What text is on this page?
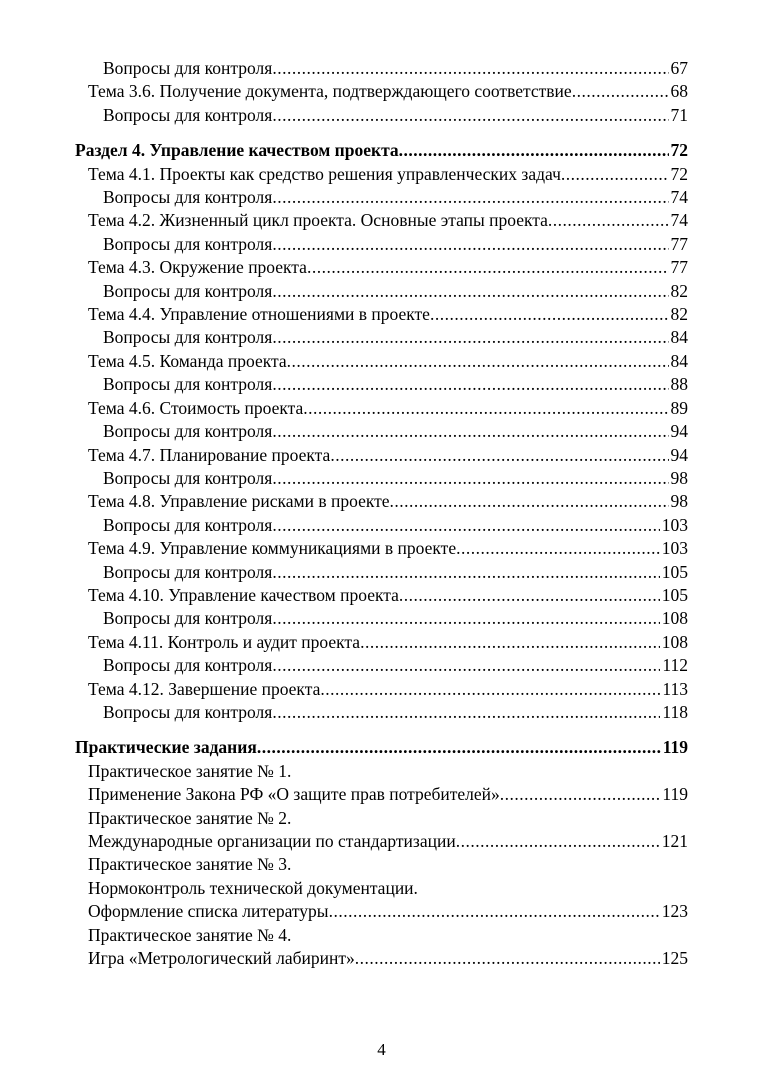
Вопросы для контроля .....	67
Тема 3.6. Получение документа, подтверждающего соответствие .....	68
Вопросы для контроля .....	71
Раздел 4. Управление качеством проекта .....	72
Тема 4.1. Проекты как средство решения управленческих задач .....	72
Вопросы для контроля .....	74
Тема 4.2. Жизненный цикл проекта. Основные этапы проекта .....	74
Вопросы для контроля .....	77
Тема 4.3. Окружение проекта .....	77
Вопросы для контроля .....	82
Тема 4.4. Управление отношениями в проекте .....	82
Вопросы для контроля .....	84
Тема 4.5. Команда проекта .....	84
Вопросы для контроля .....	88
Тема 4.6. Стоимость проекта .....	89
Вопросы для контроля .....	94
Тема 4.7. Планирование проекта .....	94
Вопросы для контроля .....	98
Тема 4.8. Управление рисками в проекте .....	98
Вопросы для контроля .....	103
Тема 4.9. Управление коммуникациями в проекте .....	103
Вопросы для контроля .....	105
Тема 4.10. Управление качеством проекта .....	105
Вопросы для контроля .....	108
Тема 4.11. Контроль и аудит проекта .....	108
Вопросы для контроля .....	112
Тема 4.12. Завершение проекта .....	113
Вопросы для контроля .....	118
Практические задания .....	119
Практическое занятие № 1.
Применение Закона РФ «О защите прав потребителей» .....	119
Практическое занятие № 2.
Международные организации по стандартизации .....	121
Практическое занятие № 3.
Нормоконтроль технической документации.
Оформление списка литературы .....	123
Практическое занятие № 4.
Игра «Метрологический лабиринт» .....	125
4
